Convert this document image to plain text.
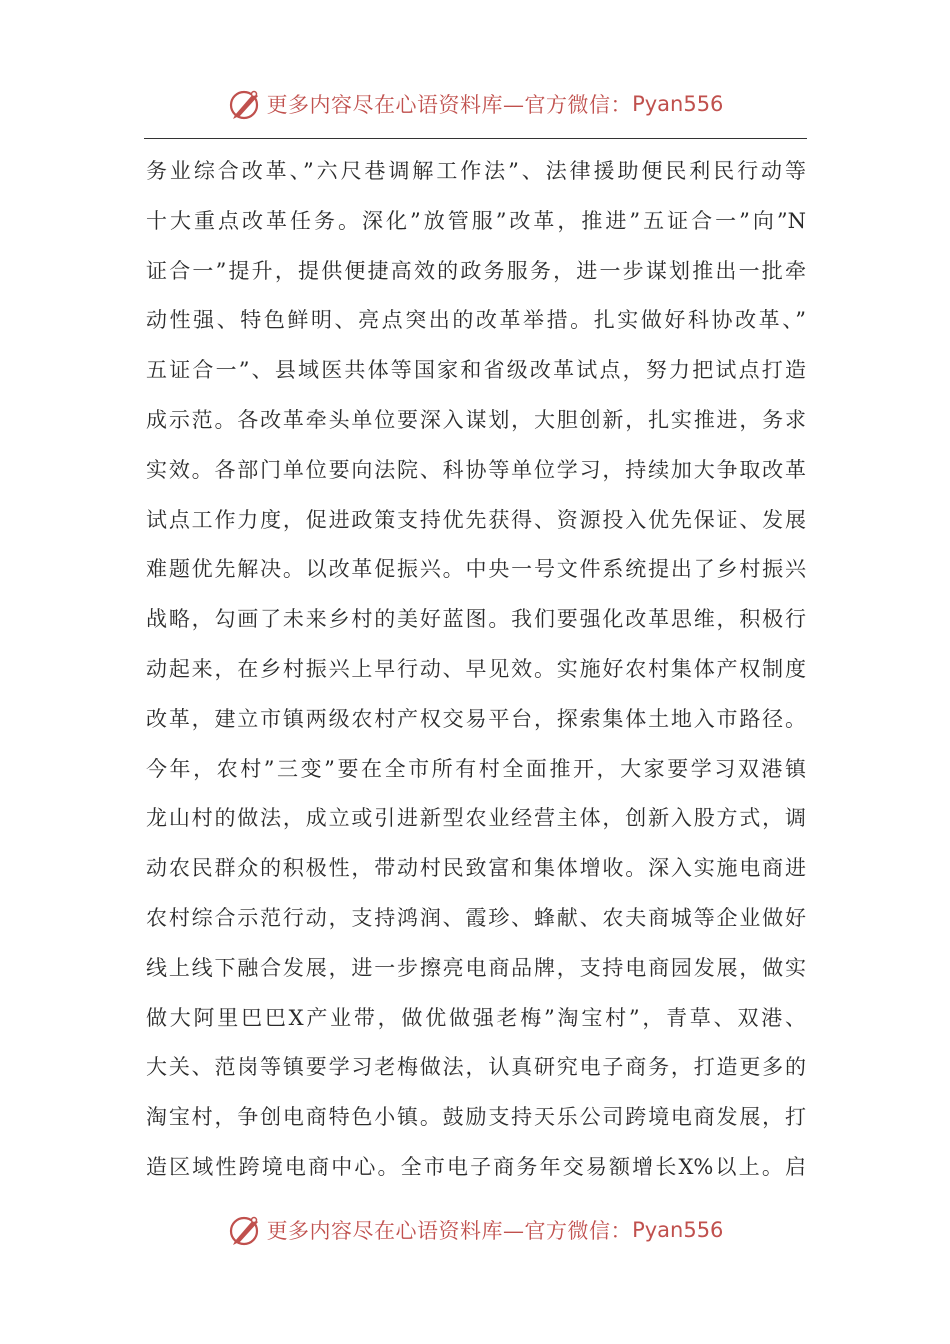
更多内容尽在心语资料库—官方微信： Pyan556
务业综合改革、”六尺巷调解工作法”、法律援助便民利民行动等
十大重点改革任务。深化”放管服”改革，推进”五证合一”向”N
证合一”提升，提供便捷高效的政务服务，进一步谋划推出一批牵
动性强、特色鲜明、亮点突出的改革举措。扎实做好科协改革、”
五证合一”、县域医共体等国家和省级改革试点，努力把试点打造
成示范。各改革牵头单位要深入谋划，大胆创新，扎实推进，务求
实效。各部门单位要向法院、科协等单位学习，持续加大争取改革
试点工作力度，促进政策支持优先获得、资源投入优先保证、发展
难题优先解决。以改革促振兴。中央一号文件系统提出了乡村振兴
战略，勾画了未来乡村的美好蓝图。我们要强化改革思维，积极行
动起来，在乡村振兴上早行动、早见效。实施好农村集体产权制度
改革，建立市镇两级农村产权交易平台，探索集体土地入市路径。
今年，农村”三变”要在全市所有村全面推开，大家要学习双港镇
龙山村的做法，成立或引进新型农业经营主体，创新入股方式，调
动农民群众的积极性，带动村民致富和集体增收。深入实施电商进
农村综合示范行动，支持鸿润、霞珍、蜂献、农夫商城等企业做好
线上线下融合发展，进一步擦亮电商品牌，支持电商园发展，做实
做大阿里巴巴X产业带，做优做强老梅”淘宝村”，青草、双港、
大关、范岗等镇要学习老梅做法，认真研究电子商务，打造更多的
淘宝村，争创电商特色小镇。鼓励支持天乐公司跨境电商发展，打
造区域性跨境电商中心。全市电子商务年交易额增长X%以上。启
更多内容尽在心语资料库—官方微信： Pyan556
